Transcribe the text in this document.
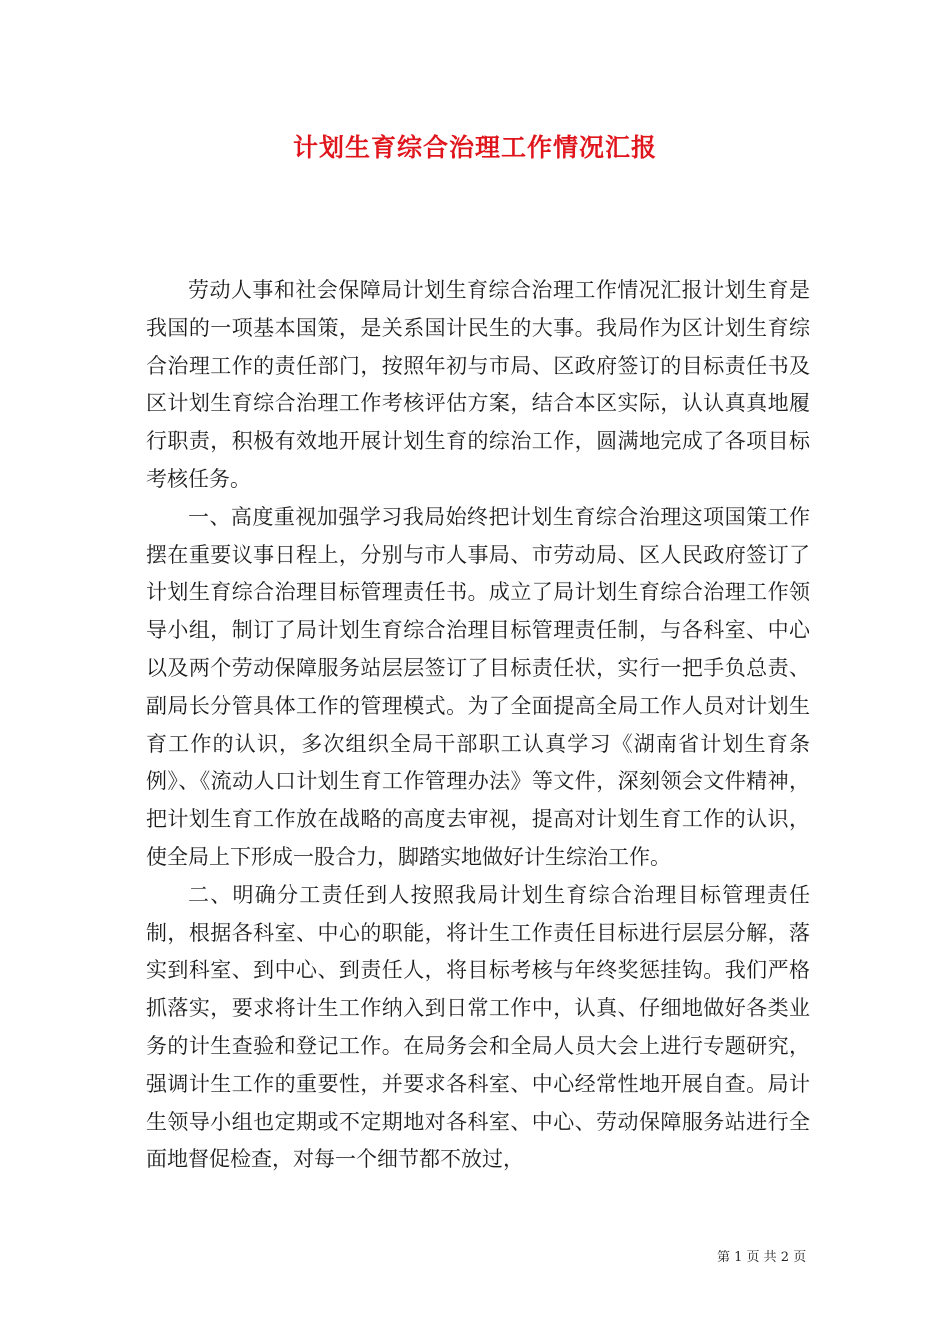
计划生育综合治理工作情况汇报

劳动人事和社会保障局计划生育综合治理工作情况汇报计划生育是我国的一项基本国策，是关系国计民生的大事。我局作为区计划生育综合治理工作的责任部门，按照年初与市局、区政府签订的目标责任书及区计划生育综合治理工作考核评估方案，结合本区实际，认认真真地履行职责，积极有效地开展计划生育的综治工作，圆满地完成了各项目标考核任务。

一、高度重视加强学习我局始终把计划生育综合治理这项国策工作摆在重要议事日程上，分别与市人事局、市劳动局、区人民政府签订了计划生育综合治理目标管理责任书。成立了局计划生育综合治理工作领导小组，制订了局计划生育综合治理目标管理责任制，与各科室、中心以及两个劳动保障服务站层层签订了目标责任状，实行一把手负总责、副局长分管具体工作的管理模式。为了全面提高全局工作人员对计划生育工作的认识，多次组织全局干部职工认真学习《湖南省计划生育条例》、《流动人口计划生育工作管理办法》等文件，深刻领会文件精神，把计划生育工作放在战略的高度去审视，提高对计划生育工作的认识，使全局上下形成一股合力，脚踏实地做好计生综治工作。

二、明确分工责任到人按照我局计划生育综合治理目标管理责任制，根据各科室、中心的职能，将计生工作责任目标进行层层分解，落实到科室、到中心、到责任人，将目标考核与年终奖惩挂钩。我们严格抓落实，要求将计生工作纳入到日常工作中，认真、仔细地做好各类业务的计生查验和登记工作。在局务会和全局人员大会上进行专题研究，强调计生工作的重要性，并要求各科室、中心经常性地开展自查。局计生领导小组也定期或不定期地对各科室、中心、劳动保障服务站进行全面地督促检查，对每一个细节都不放过，

第 1 页 共 2 页
